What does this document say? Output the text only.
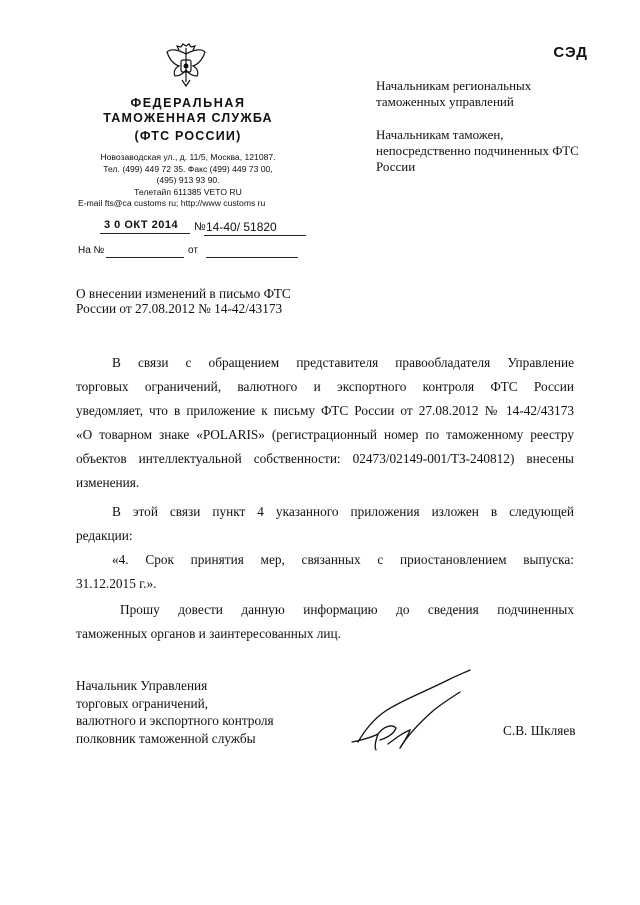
СЭД
ФЕДЕРАЛЬНАЯ
ТАМОЖЕННАЯ СЛУЖБА
(ФТС РОССИИ)
Новозаводская ул., д. 11/5, Москва, 121087.
Тел. (499) 449 72 35. Факс (499) 449 73 00,
(495) 913 93 90.
Телетайп 611385 VETO RU
E-mail fts@ca customs ru; http://www customs ru
3 0 ОКТ 2014 № 14-40/ 51820
На №	от
Начальникам региональных таможенных управлений
Начальникам таможен, непосредственно подчиненных ФТС России
О внесении изменений в письмо ФТС России от 27.08.2012 № 14-42/43173
В связи с обращением представителя правообладателя Управление
торговых ограничений, валютного и экспортного контроля ФТС России
уведомляет, что в приложение к письму ФТС России от 27.08.2012 № 14-42/43173
«О товарном знаке «POLARIS» (регистрационный номер по таможенному реестру
объектов интеллектуальной собственности: 02473/02149-001/ТЗ-240812) внесены
изменения.
В этой связи пункт 4 указанного приложения изложен в следующей
редакции:
«4. Срок принятия мер, связанных с приостановлением выпуска:
31.12.2015 г.».
Прошу довести данную информацию до сведения подчиненных
таможенных органов и заинтересованных лиц.
Начальник Управления
торговых ограничений,
валютного и экспортного контроля
полковник таможенной службы	С.В. Шкляев
